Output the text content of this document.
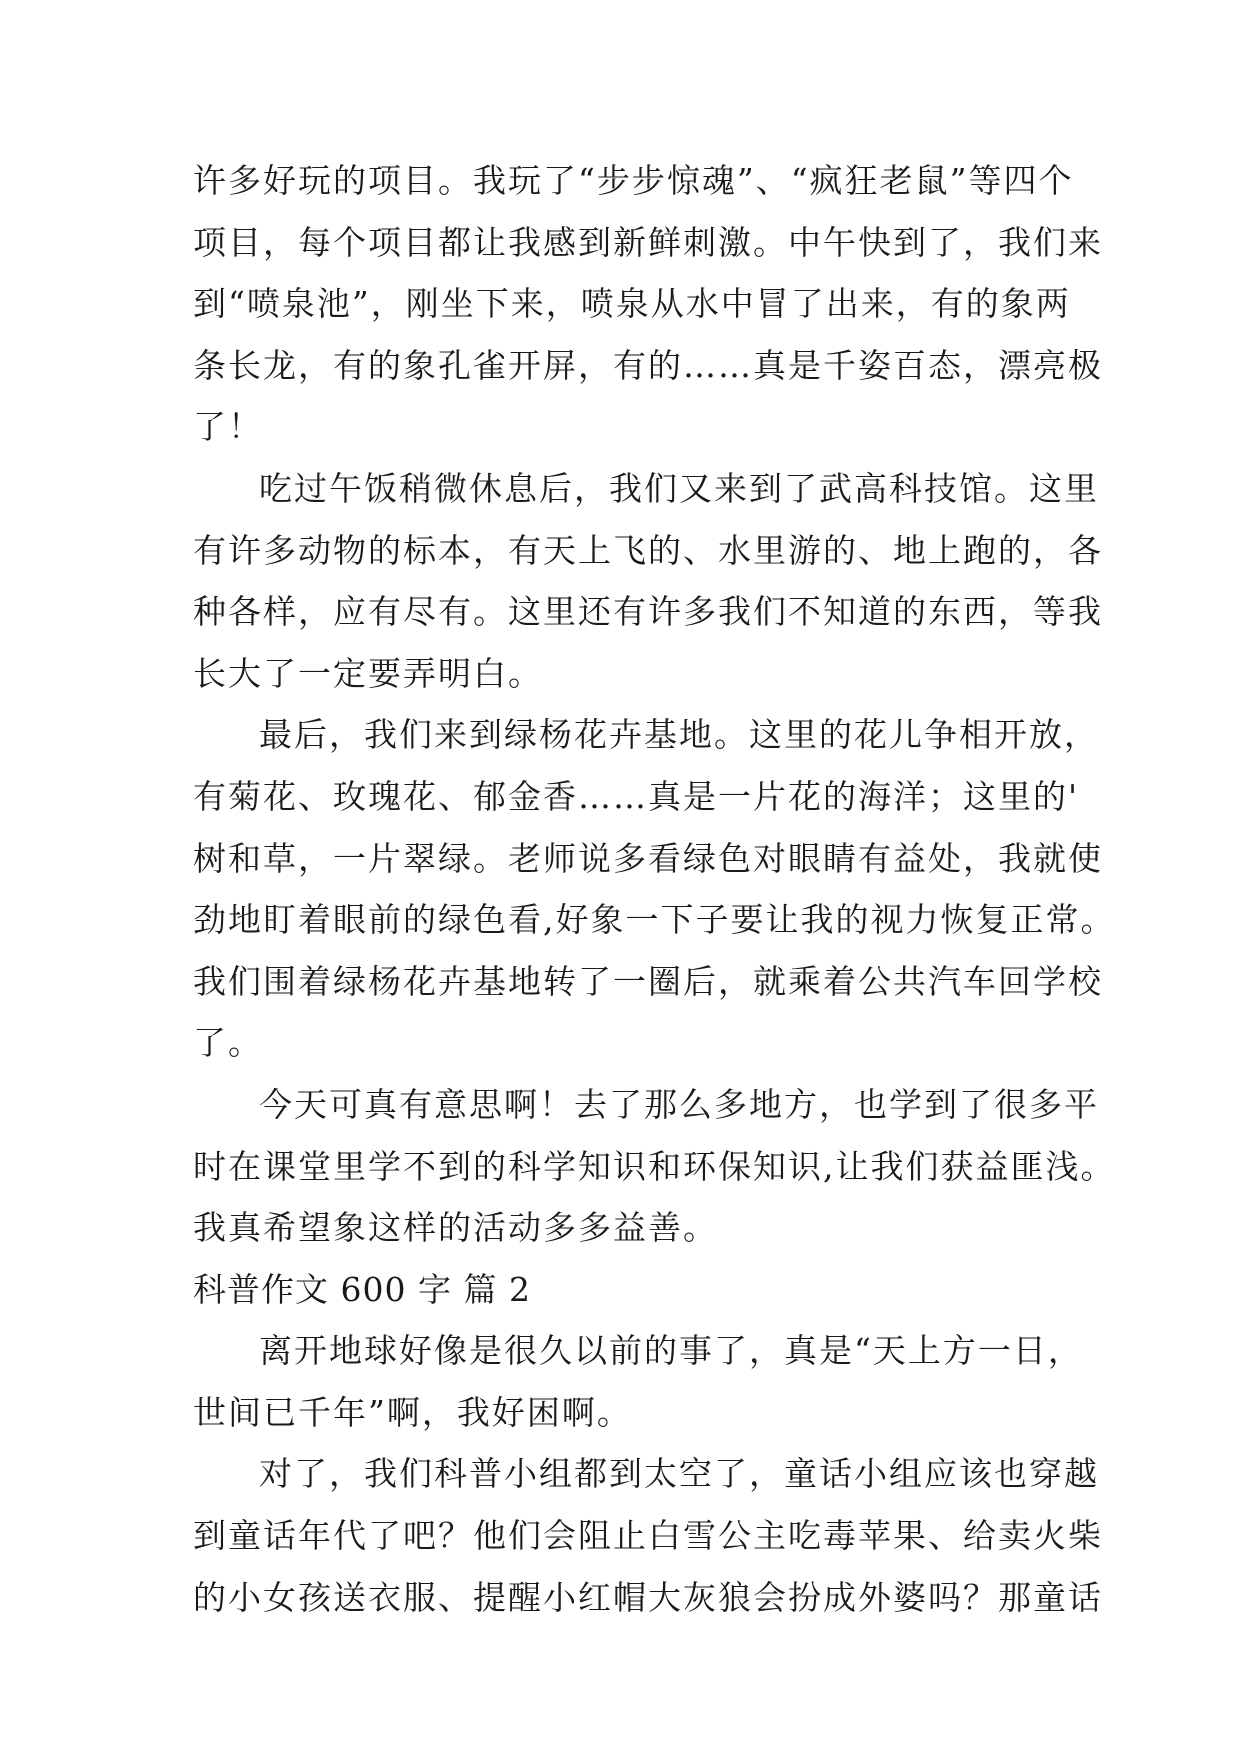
许多好玩的项目。我玩了“步步惊魂”、“疯狂老鼠”等四个
项目，每个项目都让我感到新鲜刺激。中午快到了，我们来
到“喷泉池”，刚坐下来，喷泉从水中冒了出来，有的象两
条长龙，有的象孔雀开屏，有的……真是千姿百态，漂亮极
了！
吃过午饭稍微休息后，我们又来到了武高科技馆。这里
有许多动物的标本，有天上飞的、水里游的、地上跑的，各
种各样，应有尽有。这里还有许多我们不知道的东西，等我
长大了一定要弄明白。
最后，我们来到绿杨花卉基地。这里的花儿争相开放，
有菊花、玫瑰花、郁金香……真是一片花的海洋；这里的'
树和草，一片翠绿。老师说多看绿色对眼睛有益处，我就使
劲地盯着眼前的绿色看,好象一下子要让我的视力恢复正常。
我们围着绿杨花卉基地转了一圈后，就乘着公共汽车回学校
了。
今天可真有意思啊！去了那么多地方，也学到了很多平
时在课堂里学不到的科学知识和环保知识,让我们获益匪浅。
我真希望象这样的活动多多益善。
科普作文 600 字 篇 2
离开地球好像是很久以前的事了，真是“天上方一日，
世间已千年”啊，我好困啊。
对了，我们科普小组都到太空了，童话小组应该也穿越
到童话年代了吧？他们会阻止白雪公主吃毒苹果、给卖火柴
的小女孩送衣服、提醒小红帽大灰狼会扮成外婆吗？那童话
